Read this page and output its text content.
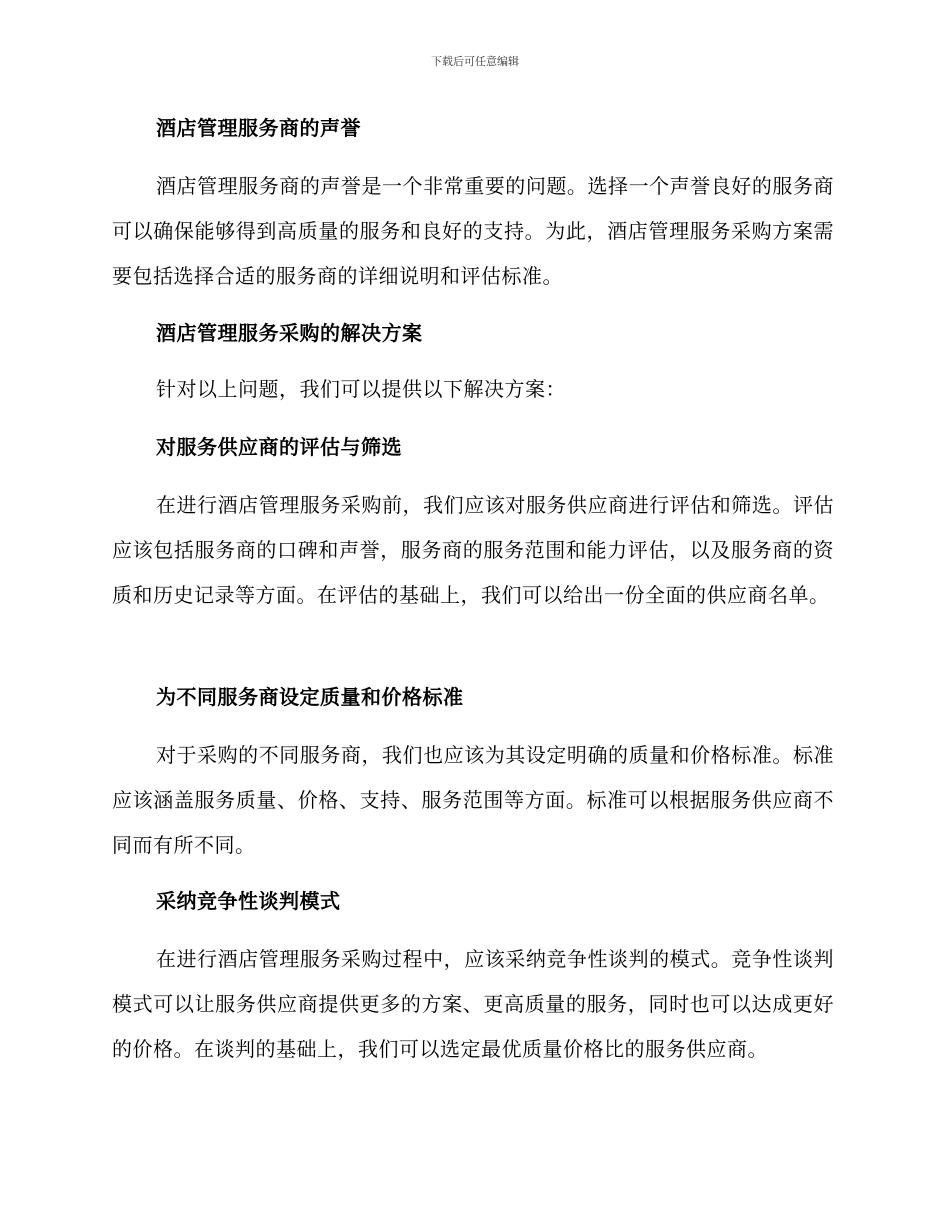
下载后可任意编辑

酒店管理服务商的声誉

酒店管理服务商的声誉是一个非常重要的问题。选择一个声誉良好的服务商可以确保能够得到高质量的服务和良好的支持。为此，酒店管理服务采购方案需要包括选择合适的服务商的详细说明和评估标准。

酒店管理服务采购的解决方案

针对以上问题，我们可以提供以下解决方案：

对服务供应商的评估与筛选

在进行酒店管理服务采购前，我们应该对服务供应商进行评估和筛选。评估应该包括服务商的口碑和声誉，服务商的服务范围和能力评估，以及服务商的资质和历史记录等方面。在评估的基础上，我们可以给出一份全面的供应商名单。

为不同服务商设定质量和价格标准

对于采购的不同服务商，我们也应该为其设定明确的质量和价格标准。标准应该涵盖服务质量、价格、支持、服务范围等方面。标准可以根据服务供应商不同而有所不同。

采纳竞争性谈判模式

在进行酒店管理服务采购过程中，应该采纳竞争性谈判的模式。竞争性谈判模式可以让服务供应商提供更多的方案、更高质量的服务，同时也可以达成更好的价格。在谈判的基础上，我们可以选定最优质量价格比的服务供应商。
